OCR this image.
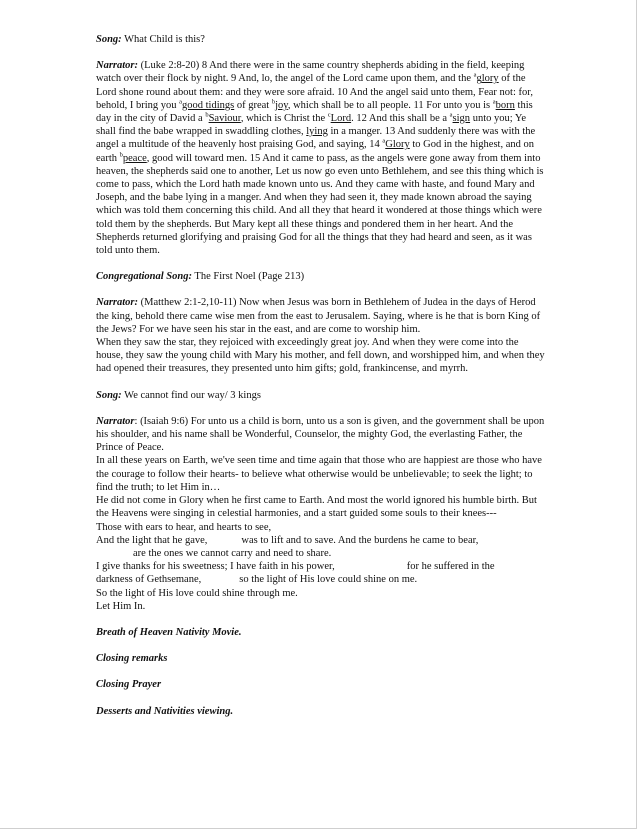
Song: What Child is this?

Narrator: (Luke 2:8-20) 8 And there were in the same country shepherds abiding in the field, keeping watch over their flock by night. 9 And, lo, the angel of the Lord came upon them, and the $^a$glory of the Lord shone round about them: and they were sore afraid. 10 And the angel said unto them, Fear not: for, behold, I bring you $^a$good tidings of great $^b$joy, which shall be to all people. 11 For unto you is $^a$born this day in the city of David a $^b$Saviour, which is Christ the $^c$Lord. 12 And this shall be a $^a$sign unto you; Ye shall find the babe wrapped in swaddling clothes, lying in a manger. 13 And suddenly there was with the angel a multitude of the heavenly host praising God, and saying, 14 $^a$Glory to God in the highest, and on earth $^b$peace, good will toward men. 15 And it came to pass, as the angels were gone away from them into heaven, the shepherds said one to another, Let us now go even unto Bethlehem, and see this thing which is come to pass, which the Lord hath made known unto us. And they came with haste, and found Mary and Joseph, and the babe lying in a manger. And when they had seen it, they made known abroad the saying which was told them concerning this child. And all they that heard it wondered at those things which were told them by the shepherds. But Mary kept all these things and pondered them in her heart. And the Shepherds returned glorifying and praising God for all the things that they had heard and seen, as it was told unto them.

Congregational Song: The First Noel (Page 213)

Narrator: (Matthew 2:1-2,10-11) Now when Jesus was born in Bethlehem of Judea in the days of Herod the king, behold there came wise men from the east to Jerusalem. Saying, where is he that is born King of the Jews? For we have seen his star in the east, and are come to worship him.

When they saw the star, they rejoiced with exceedingly great joy. And when they were come into the house, they saw the young child with Mary his mother, and fell down, and worshipped him, and when they had opened their treasures, they presented unto him gifts; gold, frankincense, and myrrh.

Song: We cannot find our way/ 3 kings

Narrator: (Isaiah 9:6) For unto us a child is born, unto us a son is given, and the government shall be upon his shoulder, and his name shall be Wonderful, Counselor, the mighty God, the everlasting Father, the Prince of Peace.

In all these years on Earth, we've seen time and time again that those who are happiest are those who have the courage to follow their hearts- to believe what otherwise would be unbelievable; to seek the light; to find the truth; to let Him in…

He did not come in Glory when he first came to Earth. And most the world ignored his humble birth. But the Heavens were singing in celestial harmonies, and a start guided some souls to their knees---

Those with ears to hear, and hearts to see,

And the light that he gave,	was to lift and to save. And the burdens he came to bear,

are the ones we cannot carry and need to share.

I give thanks for his sweetness; I have faith in his power,	for he suffered in the

darkness of Gethsemane,	so the light of His love could shine on me.

So the light of His love could shine through me.

Let Him In.

Breath of Heaven Nativity Movie.

Closing remarks

Closing Prayer

Desserts and Nativities viewing.
